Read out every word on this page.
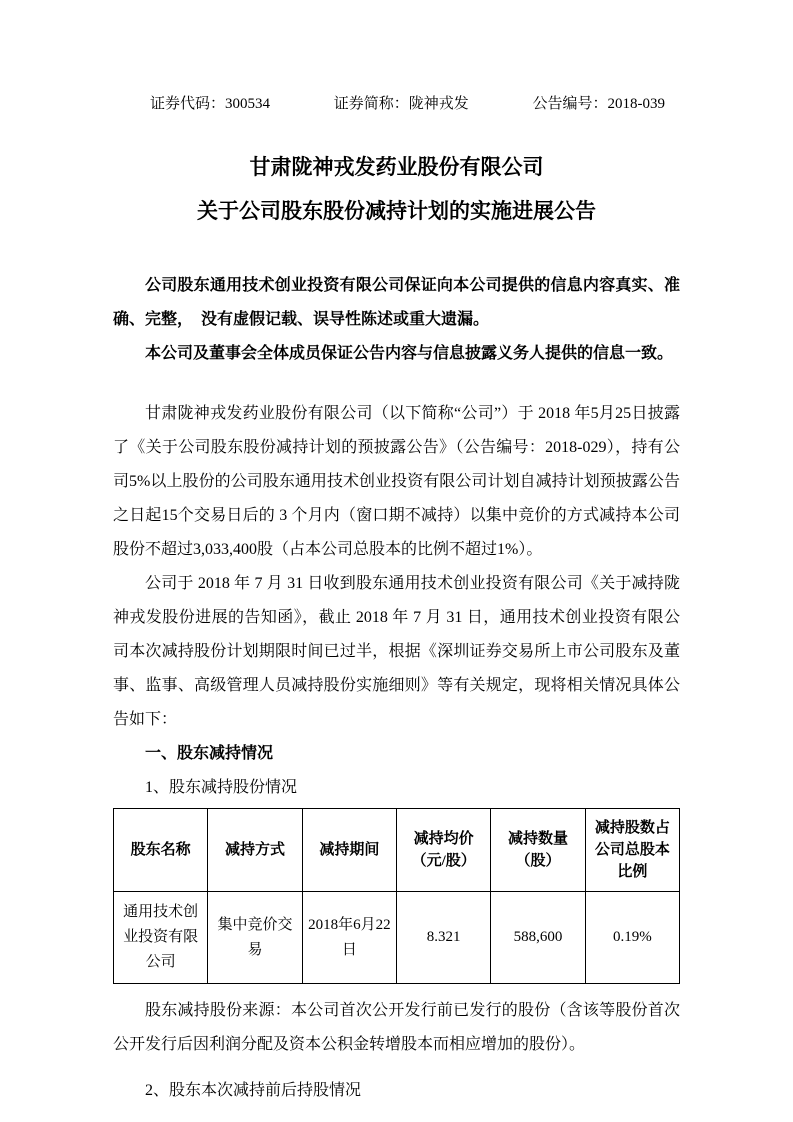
证券代码：300534	证券简称：陇神戎发	公告编号：2018-039
甘肃陇神戎发药业股份有限公司
关于公司股东股份减持计划的实施进展公告

公司股东通用技术创业投资有限公司保证向本公司提供的信息内容真实、准确、完整，　没有虚假记载、误导性陈述或重大遗漏。

本公司及董事会全体成员保证公告内容与信息披露义务人提供的信息一致。

甘肃陇神戎发药业股份有限公司（以下简称“公司”）于 2018 年5月25日披露了《关于公司股东股份减持计划的预披露公告》（公告编号：2018-029），持有公司5%以上股份的公司股东通用技术创业投资有限公司计划自减持计划预披露公告之日起15个交易日后的 3 个月内（窗口期不减持）以集中竞价的方式减持本公司股份不超过3,033,400股（占本公司总股本的比例不超过1%）。

公司于 2018 年 7 月 31 日收到股东通用技术创业投资有限公司《关于减持陇神戎发股份进展的告知函》，截止 2018 年 7 月 31 日，通用技术创业投资有限公司本次减持股份计划期限时间已过半，根据《深圳证券交易所上市公司股东及董事、监事、高级管理人员减持股份实施细则》等有关规定，现将相关情况具体公告如下：

一、股东减持情况

1、股东减持股份情况

股东名称	减持方式	减持期间	减持均价（元/股）	减持数量（股）	减持股数占公司总股本比例
通用技术创业投资有限公司	集中竞价交易	2018年6月22日	8.321	588,600	0.19%

股东减持股份来源：本公司首次公开发行前已发行的股份（含该等股份首次公开发行后因利润分配及资本公积金转增股本而相应增加的股份）。

2、股东本次减持前后持股情况
